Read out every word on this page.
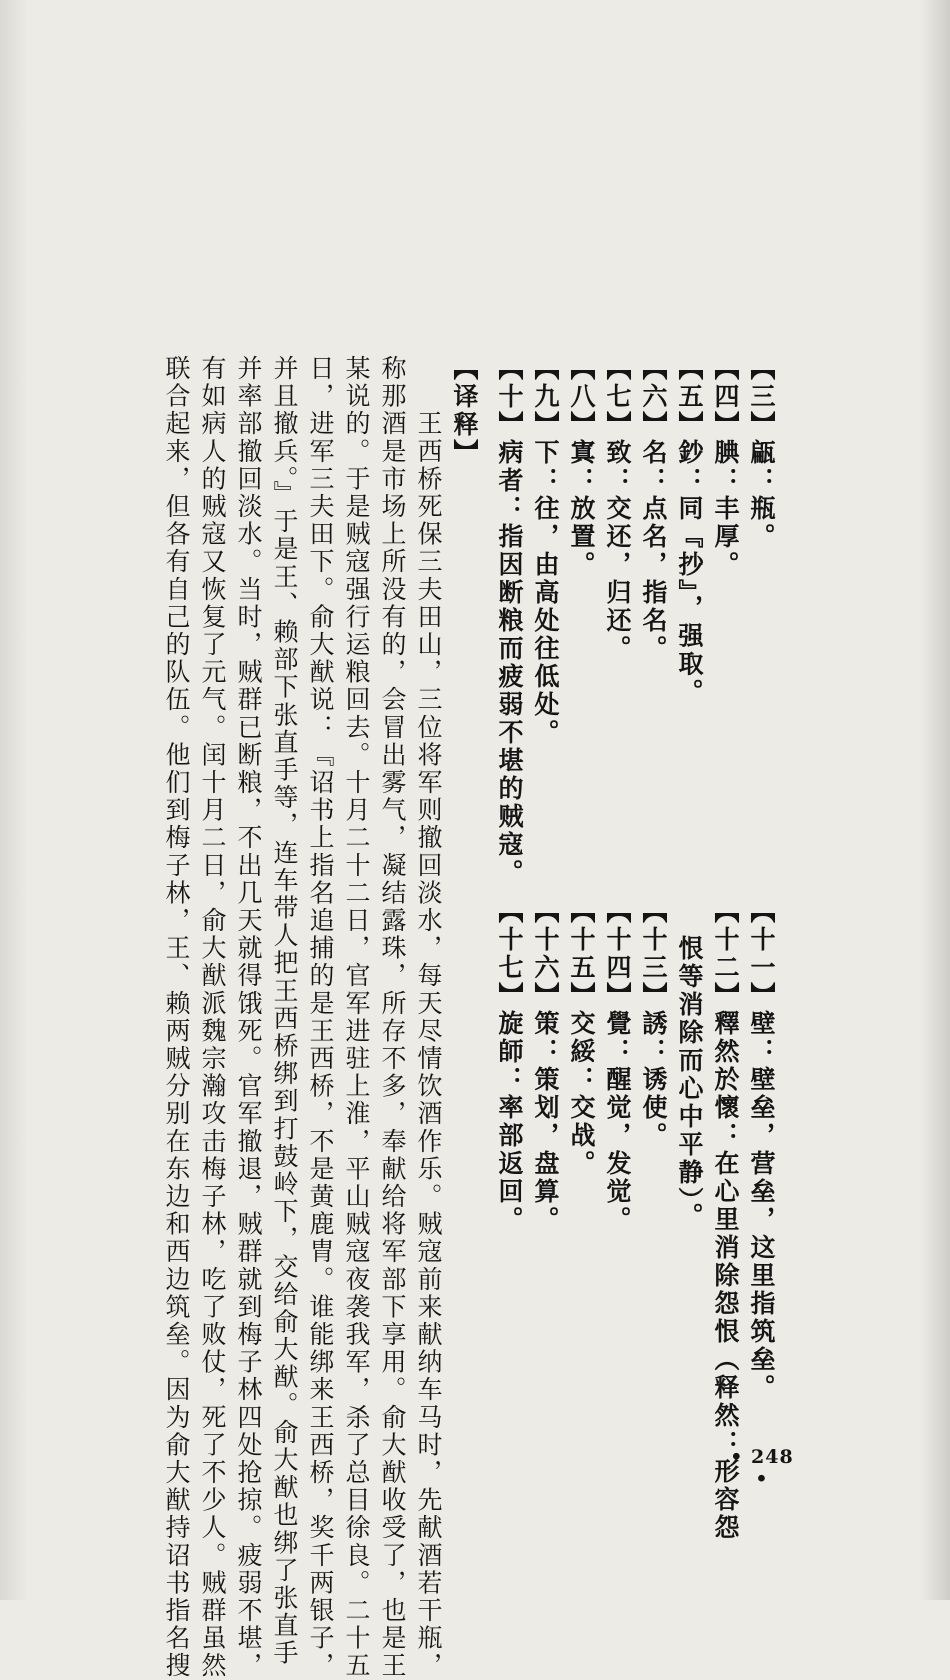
【三】甂：瓶。
【四】腆：丰厚。
【五】鈔：同『抄』，强取。
【六】名：点名，指名。
【七】致：交还，归还。
【八】寘：放置。
【九】下：往，由高处往低处。
【十】病者：指因断粮而疲弱不堪的贼寇。
【十一】壁：壁垒，营垒，这里指筑垒。
【十二】釋然於懷：在心里消除怨恨（释然：形容怨
恨等消除而心中平静）。
【十三】誘：诱使。
【十四】覺：醒觉，发觉。
【十五】交綏：交战。
【十六】策：策划，盘算。
【十七】旋師：率部返回。
【译释】
　　王西桥死保三夫田山，三位将军则撤回淡水，每天尽情饮酒作乐。贼寇前来献纳车马时，先献酒若干瓶，
称那酒是市场上所没有的，会冒出雾气，凝结露珠，所存不多，奉献给将军部下享用。俞大猷收受了，也是王
某说的。于是贼寇强行运粮回去。十月二十二日，官军进驻上淮，平山贼寇夜袭我军，杀了总目徐良。二十五
日，进军三夫田下。俞大猷说：『诏书上指名追捕的是王西桥，不是黄鹿胄。谁能绑来王西桥，奖千两银子，
并且撤兵。』于是王、赖部下张直手等，连车带人把王西桥绑到打鼓岭下，交给俞大猷。俞大猷也绑了张直手
并率部撤回淡水。当时，贼群已断粮，不出几天就得饿死。官军撤退，贼群就到梅子林四处抢掠。疲弱不堪，
有如病人的贼寇又恢复了元气。闰十月二日，俞大猷派魏宗瀚攻击梅子林，吃了败仗，死了不少人。贼群虽然
联合起来，但各有自己的队伍。他们到梅子林，王、赖两贼分别在东边和西边筑垒。因为俞大猷持诏书指名搜	• 248 •
